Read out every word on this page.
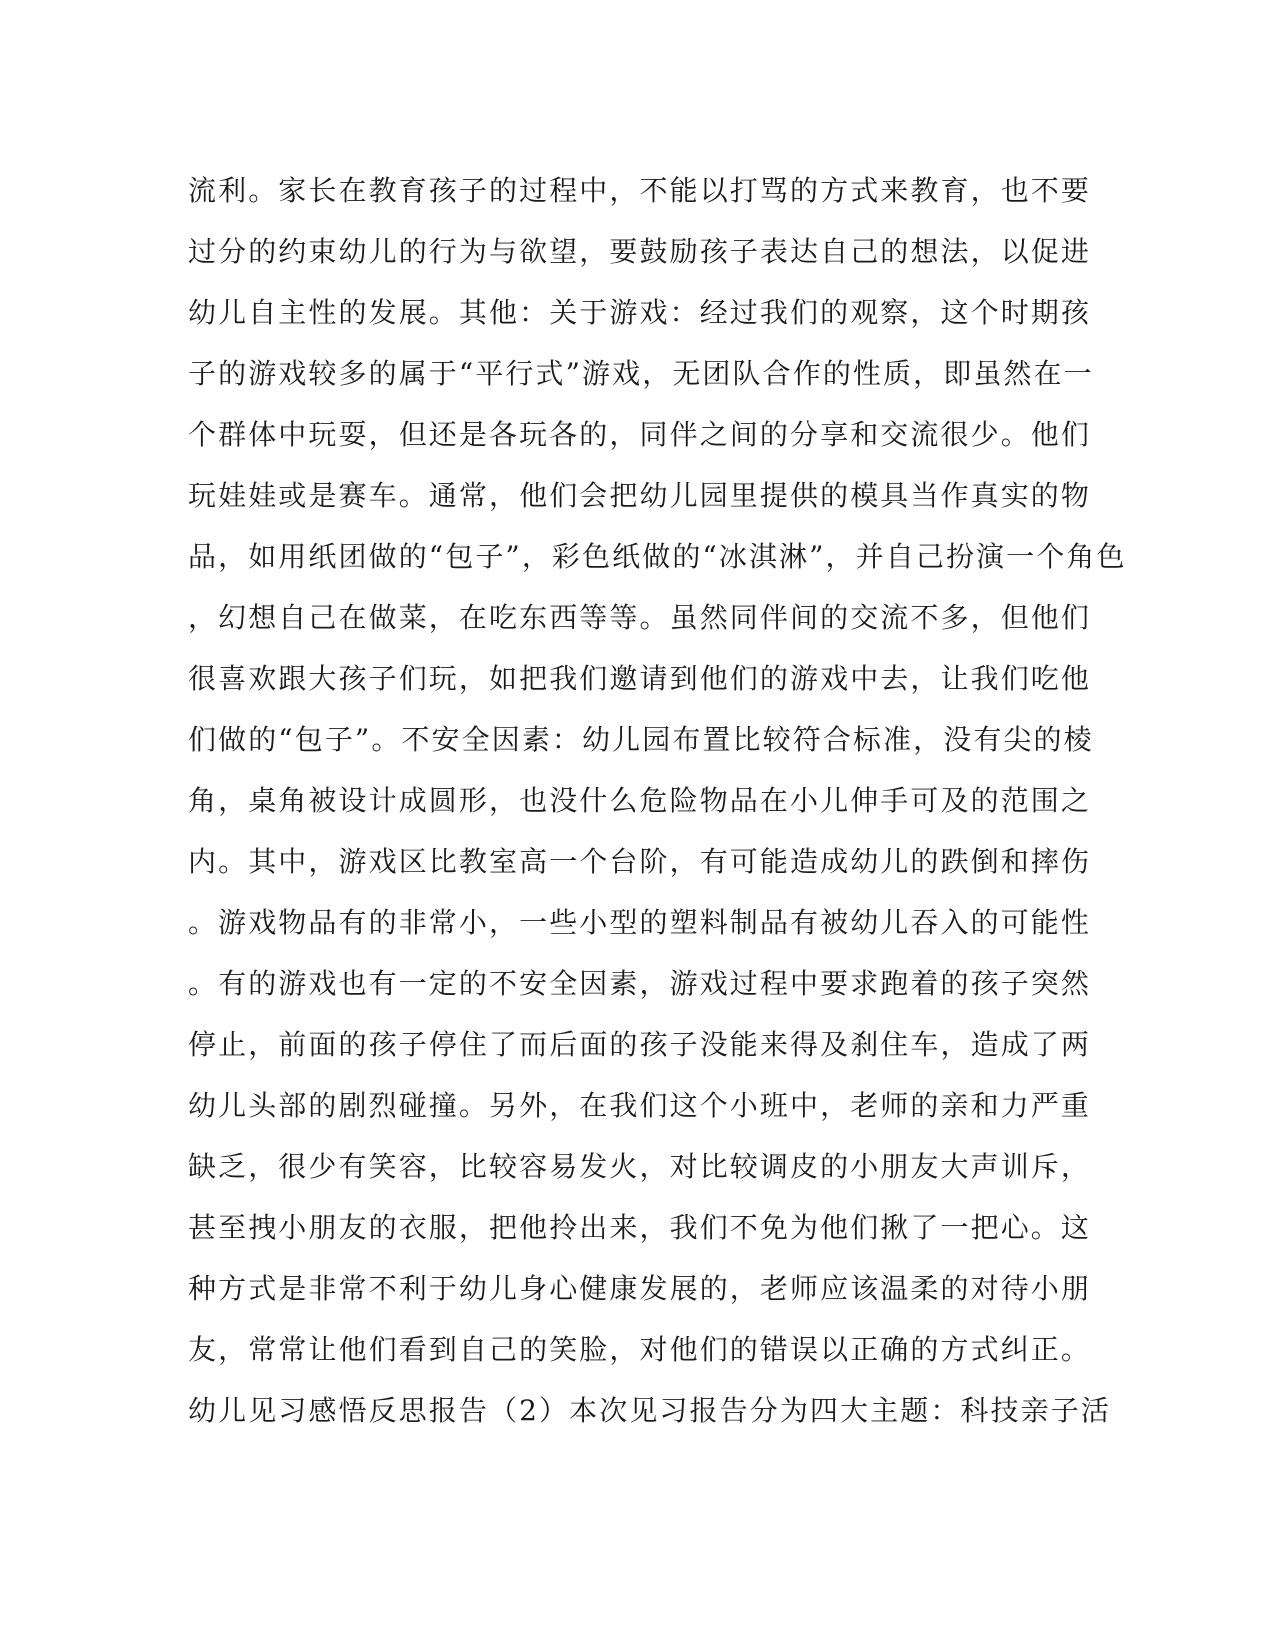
流利。家长在教育孩子的过程中，不能以打骂的方式来教育，也不要
过分的约束幼儿的行为与欲望，要鼓励孩子表达自己的想法，以促进
幼儿自主性的发展。其他：关于游戏：经过我们的观察，这个时期孩
子的游戏较多的属于“平行式”游戏，无团队合作的性质，即虽然在一
个群体中玩耍，但还是各玩各的，同伴之间的分享和交流很少。他们
玩娃娃或是赛车。通常，他们会把幼儿园里提供的模具当作真实的物
品，如用纸团做的“包子”，彩色纸做的“冰淇淋”，并自己扮演一个角色
，幻想自己在做菜，在吃东西等等。虽然同伴间的交流不多，但他们
很喜欢跟大孩子们玩，如把我们邀请到他们的游戏中去，让我们吃他
们做的“包子”。不安全因素：幼儿园布置比较符合标准，没有尖的棱
角，桌角被设计成圆形，也没什么危险物品在小儿伸手可及的范围之
内。其中，游戏区比教室高一个台阶，有可能造成幼儿的跌倒和摔伤
。游戏物品有的非常小，一些小型的塑料制品有被幼儿吞入的可能性
。有的游戏也有一定的不安全因素，游戏过程中要求跑着的孩子突然
停止，前面的孩子停住了而后面的孩子没能来得及刹住车，造成了两
幼儿头部的剧烈碰撞。另外，在我们这个小班中，老师的亲和力严重
缺乏，很少有笑容，比较容易发火，对比较调皮的小朋友大声训斥，
甚至拽小朋友的衣服，把他拎出来，我们不免为他们揪了一把心。这
种方式是非常不利于幼儿身心健康发展的，老师应该温柔的对待小朋
友，常常让他们看到自己的笑脸，对他们的错误以正确的方式纠正。
幼儿见习感悟反思报告（2）本次见习报告分为四大主题：科技亲子活
